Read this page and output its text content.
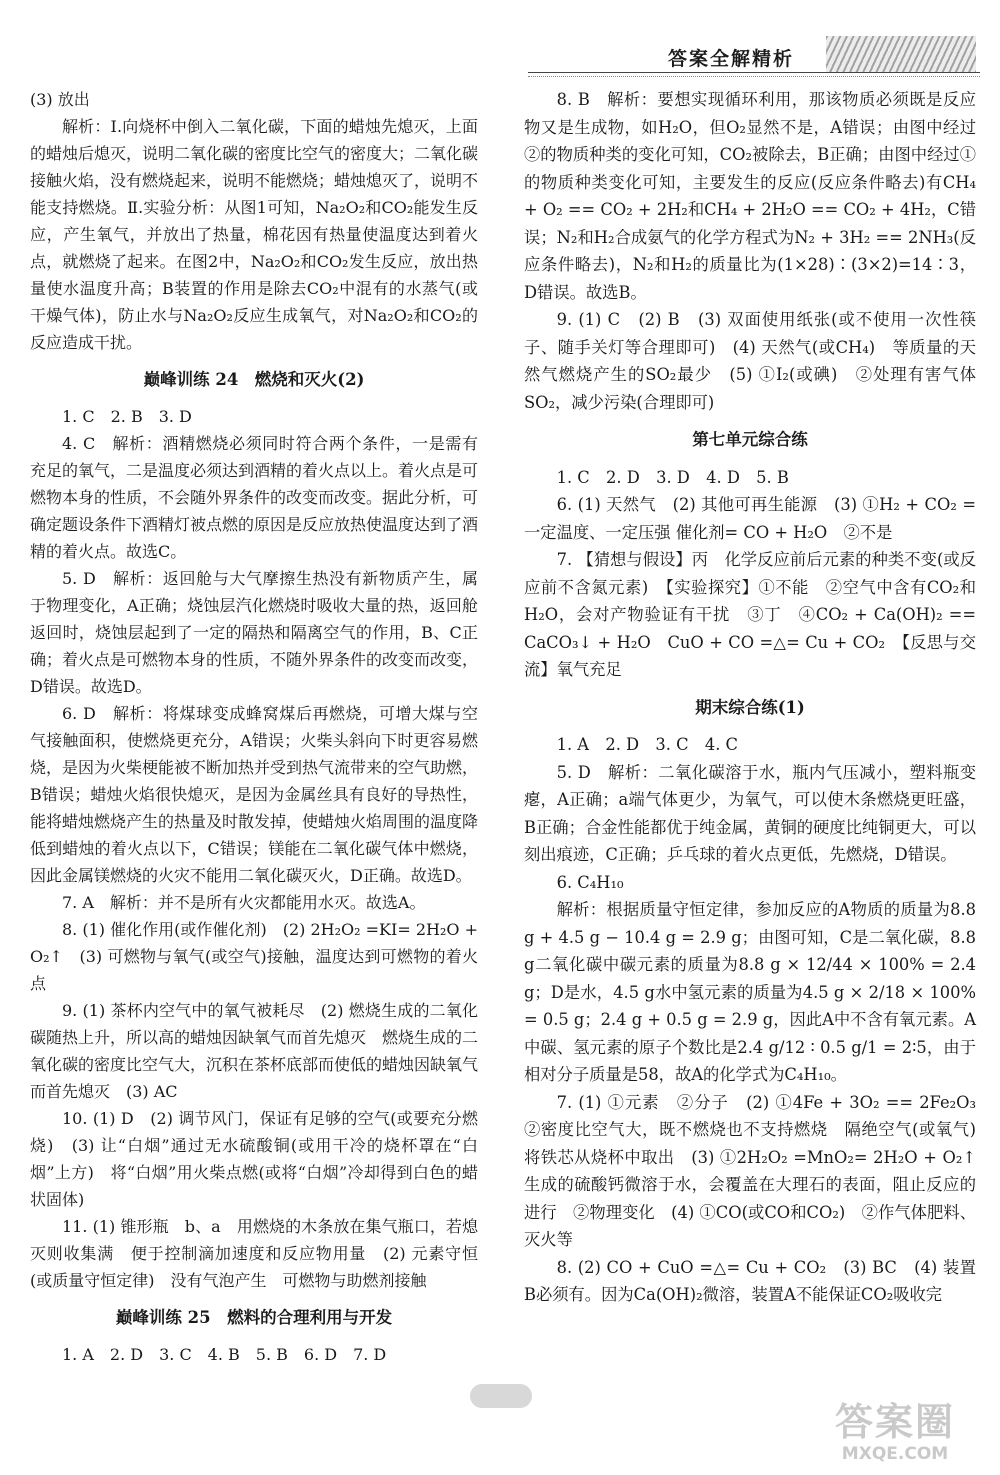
答案全解精析

(3) 放出

解析：Ⅰ.向烧杯中倒入二氧化碳，下面的蜡烛先熄灭，上面的蜡烛后熄灭，说明二氧化碳的密度比空气的密度大；二氧化碳接触火焰，没有燃烧起来，说明不能燃烧；蜡烛熄灭了，说明不能支持燃烧。Ⅱ.实验分析：从图1可知，Na₂O₂和CO₂能发生反应，产生氧气，并放出了热量，棉花因有热量使温度达到着火点，就燃烧了起来。在图2中，Na₂O₂和CO₂发生反应，放出热量使水温度升高；B装置的作用是除去CO₂中混有的水蒸气(或干燥气体)，防止水与Na₂O₂反应生成氧气，对Na₂O₂和CO₂的反应造成干扰。

巅峰训练 24　燃烧和灭火(2)

1. C　2. B　3. D

4. C　解析：酒精燃烧必须同时符合两个条件，一是需有充足的氧气，二是温度必须达到酒精的着火点以上。着火点是可燃物本身的性质，不会随外界条件的改变而改变。据此分析，可确定题设条件下酒精灯被点燃的原因是反应放热使温度达到了酒精的着火点。故选C。

5. D　解析：返回舱与大气摩擦生热没有新物质产生，属于物理变化，A正确；烧蚀层汽化燃烧时吸收大量的热，返回舱返回时，烧蚀层起到了一定的隔热和隔离空气的作用，B、C正确；着火点是可燃物本身的性质，不随外界条件的改变而改变，D错误。故选D。

6. D　解析：将煤球变成蜂窝煤后再燃烧，可增大煤与空气接触面积，使燃烧更充分，A错误；火柴头斜向下时更容易燃烧，是因为火柴梗能被不断加热并受到热气流带来的空气助燃，B错误；蜡烛火焰很快熄灭，是因为金属丝具有良好的导热性，能将蜡烛燃烧产生的热量及时散发掉，使蜡烛火焰周围的温度降低到蜡烛的着火点以下，C错误；镁能在二氧化碳气体中燃烧，因此金属镁燃烧的火灾不能用二氧化碳灭火，D正确。故选D。

7. A　解析：并不是所有火灾都能用水灭。故选A。

8. (1) 催化作用(或作催化剂)　(2) 2H₂O₂ =KI= 2H₂O + O₂↑　(3) 可燃物与氧气(或空气)接触，温度达到可燃物的着火点

9. (1) 茶杯内空气中的氧气被耗尽　(2) 燃烧生成的二氧化碳随热上升，所以高的蜡烛因缺氧气而首先熄灭　燃烧生成的二氧化碳的密度比空气大，沉积在茶杯底部而使低的蜡烛因缺氧气而首先熄灭　(3) AC

10. (1) D　(2) 调节风门，保证有足够的空气(或要充分燃烧)　(3) 让“白烟”通过无水硫酸铜(或用干冷的烧杯罩在“白烟”上方)　将“白烟”用火柴点燃(或将“白烟”冷却得到白色的蜡状固体)

11. (1) 锥形瓶　b、a　用燃烧的木条放在集气瓶口，若熄灭则收集满　便于控制滴加速度和反应物用量　(2) 元素守恒(或质量守恒定律)　没有气泡产生　可燃物与助燃剂接触

巅峰训练 25　燃料的合理利用与开发

1. A　2. D　3. C　4. B　5. B　6. D　7. D

8. B　解析：要想实现循环利用，那该物质必须既是反应物又是生成物，如H₂O，但O₂显然不是，A错误；由图中经过②的物质种类的变化可知，CO₂被除去，B正确；由图中经过①的物质种类变化可知，主要发生的反应(反应条件略去)有CH₄ + O₂ == CO₂ + 2H₂和CH₄ + 2H₂O == CO₂ + 4H₂，C错误；N₂和H₂合成氨气的化学方程式为N₂ + 3H₂ == 2NH₃(反应条件略去)，N₂和H₂的质量比为(1×28)∶(3×2)=14∶3，D错误。故选B。

9. (1) C　(2) B　(3) 双面使用纸张(或不使用一次性筷子、随手关灯等合理即可)　(4) 天然气(或CH₄)　等质量的天然气燃烧产生的SO₂最少　(5) ①I₂(或碘)　②处理有害气体SO₂，减少污染(合理即可)

第七单元综合练

1. C　2. D　3. D　4. D　5. B

6. (1) 天然气　(2) 其他可再生能源　(3) ①H₂ + CO₂ =一定温度、一定压强 催化剂= CO + H₂O　②不是

7. 【猜想与假设】丙　化学反应前后元素的种类不变(或反应前不含氮元素)　【实验探究】①不能　②空气中含有CO₂和H₂O，会对产物验证有干扰　③丁　④CO₂ + Ca(OH)₂ == CaCO₃↓ + H₂O　CuO + CO =△= Cu + CO₂　【反思与交流】氧气充足

期末综合练(1)

1. A　2. D　3. C　4. C

5. D　解析：二氧化碳溶于水，瓶内气压减小，塑料瓶变瘪，A正确；a端气体更少，为氧气，可以使木条燃烧更旺盛，B正确；合金性能都优于纯金属，黄铜的硬度比纯铜更大，可以刻出痕迹，C正确；乒乓球的着火点更低，先燃烧，D错误。

6. C₄H₁₀

解析：根据质量守恒定律，参加反应的A物质的质量为8.8 g + 4.5 g − 10.4 g = 2.9 g；由图可知，C是二氧化碳，8.8 g二氧化碳中碳元素的质量为8.8 g × 12/44 × 100% = 2.4 g；D是水，4.5 g水中氢元素的质量为4.5 g × 2/18 × 100% = 0.5 g；2.4 g + 0.5 g = 2.9 g，因此A中不含有氧元素。A中碳、氢元素的原子个数比是2.4 g/12 ∶ 0.5 g/1 = 2∶5，由于相对分子质量是58，故A的化学式为C₄H₁₀。

7. (1) ①元素　②分子　(2) ①4Fe + 3O₂ == 2Fe₂O₃　②密度比空气大，既不燃烧也不支持燃烧　隔绝空气(或氧气)　将铁芯从烧杯中取出　(3) ①2H₂O₂ =MnO₂= 2H₂O + O₂↑　生成的硫酸钙微溶于水，会覆盖在大理石的表面，阻止反应的进行　②物理变化　(4) ①CO(或CO和CO₂)　②作气体肥料、灭火等

8. (2) CO + CuO =△= Cu + CO₂　(3) BC　(4) 装置B必须有。因为Ca(OH)₂微溶，装置A不能保证CO₂吸收完

答案圈
MXQE.COM
